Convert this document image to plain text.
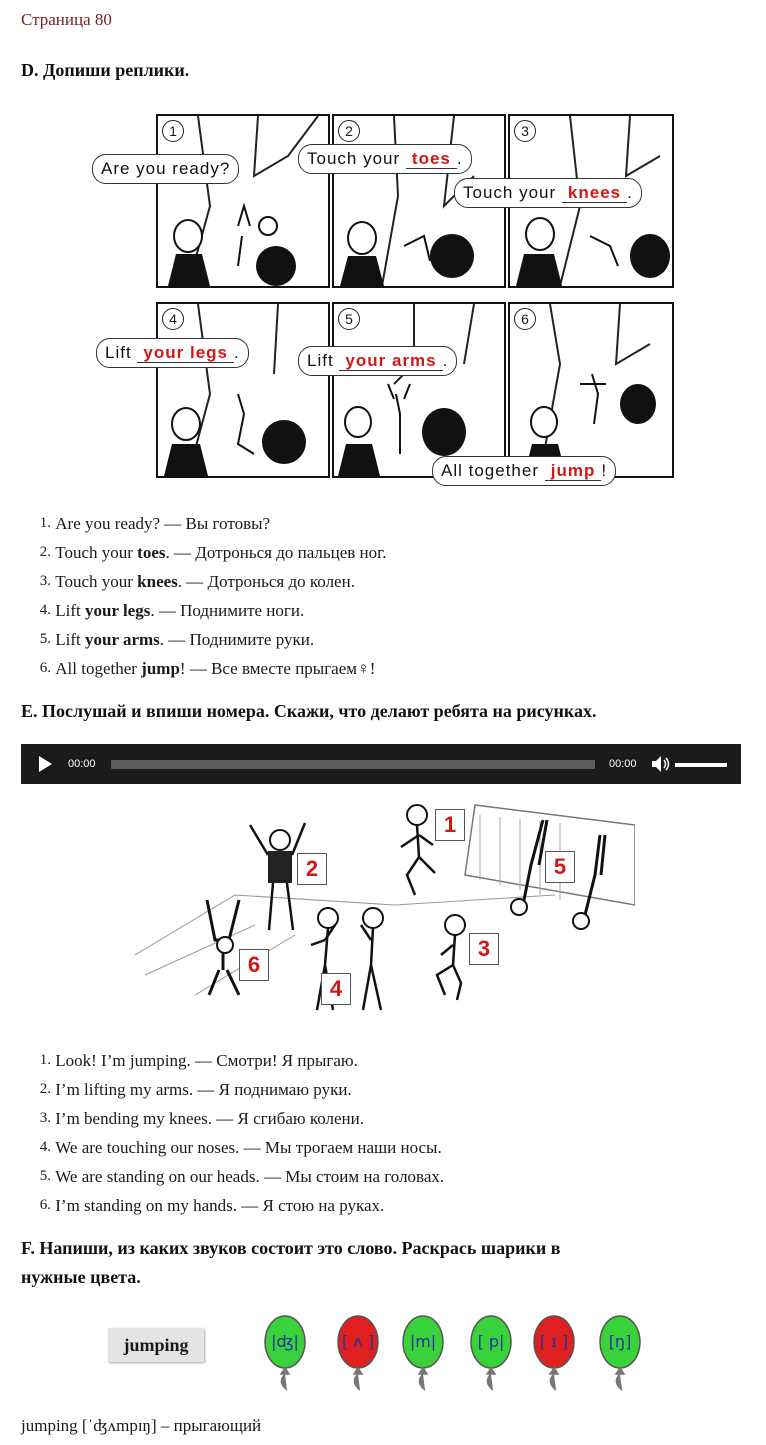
Страница 80
D. Допиши реплики.
1	2	3
4	5	6
Are you ready?
Touch your toes .
Touch your knees .
Lift your legs .	Lift your arms .
All together jump !
1.
Are you ready? — Вы готовы?
2.
Touch your toes. — Дотронься до пальцев ног.
3.
Touch your knees. — Дотронься до колен.
4.
Lift your legs. — Поднимите ноги.
5.
Lift your arms. — Поднимите руки.
6.
All together jump! — Все вместе прыгаем♀!
E. Послушай и впиши номера. Скажи, что делают ребята на рисунках.
00:00	00:00
1
2
3
4
5
6
1.
Look! I’m jumping. — Смотри! Я прыгаю.
2.
I’m lifting my arms. — Я поднимаю руки.
3.
I’m bending my knees. — Я сгибаю колени.
4.
We are touching our noses. — Мы трогаем наши носы.
5.
We are standing on our heads. — Мы стоим на головах.
6.
I’m standing on my hands. — Я стою на руках.
F. Напиши, из каких звуков состоит это слово. Раскрась шарики в
нужные цвета.
jumping	|ʤ|	[ ʌ ]	|m|	[ p|	[ ɪ ]	[ŋ]
jumping [ˈʤʌmpɪŋ] – прыгающий
